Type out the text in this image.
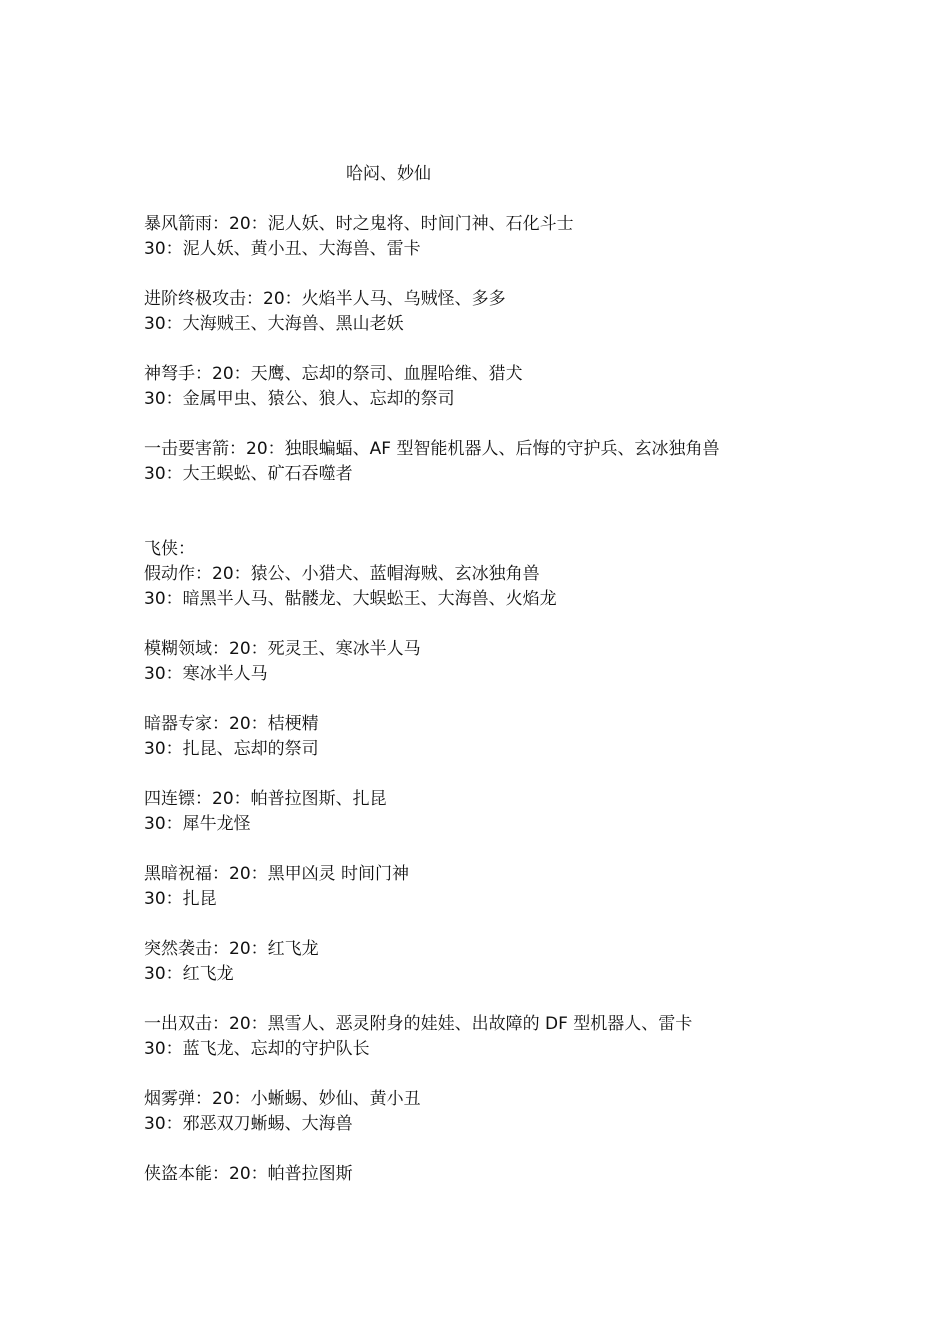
哈闷、妙仙
暴风箭雨：20：泥人妖、时之鬼将、时间门神、石化斗士
30：泥人妖、黄小丑、大海兽、雷卡
进阶终极攻击：20：火焰半人马、乌贼怪、多多
30：大海贼王、大海兽、黑山老妖
神弩手：20：天鹰、忘却的祭司、血腥哈维、猎犬
30：金属甲虫、猿公、狼人、忘却的祭司
一击要害箭：20：独眼蝙蝠、AF 型智能机器人、后悔的守护兵、玄冰独角兽
30：大王蜈蚣、矿石吞噬者
飞侠：
假动作：20：猿公、小猎犬、蓝帽海贼、玄冰独角兽
30：暗黑半人马、骷髅龙、大蜈蚣王、大海兽、火焰龙
模糊领域：20：死灵王、寒冰半人马
30：寒冰半人马
暗器专家：20：桔梗精
30：扎昆、忘却的祭司
四连镖：20：帕普拉图斯、扎昆
30：犀牛龙怪
黑暗祝福：20：黑甲凶灵 时间门神
30：扎昆
突然袭击：20：红飞龙
30：红飞龙
一出双击：20：黑雪人、恶灵附身的娃娃、出故障的 DF 型机器人、雷卡
30：蓝飞龙、忘却的守护队长
烟雾弹：20：小蜥蜴、妙仙、黄小丑
30：邪恶双刀蜥蜴、大海兽
侠盗本能：20：帕普拉图斯
